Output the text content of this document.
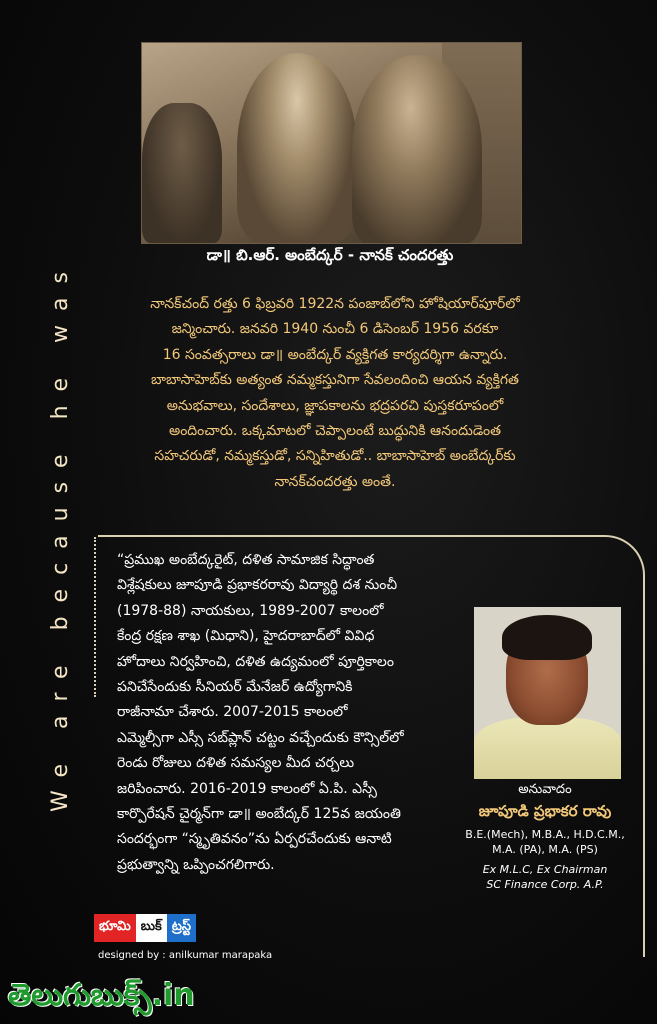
We are because he was
డా॥ బి.ఆర్. అంబేద్కర్ - నానక్ చందరత్తు
నానక్‌చంద్ రత్తు 6 ఫిబ్రవరి 1922న పంజాబ్‌లోని హోషియార్‌పూర్‌లో
జన్మించారు. జనవరి 1940 నుంచీ 6 డిసెంబర్ 1956 వరకూ
16 సంవత్సరాలు డా॥ అంబేద్కర్ వ్యక్తిగత కార్యదర్శిగా ఉన్నారు.
బాబాసాహెబ్‌కు అత్యంత నమ్మకస్తునిగా సేవలందించి ఆయన వ్యక్తిగత
అనుభవాలు, సందేశాలు, జ్ఞాపకాలను భద్రపరచి పుస్తకరూపంలో
అందించారు. ఒక్కమాటలో చెప్పాలంటే బుద్ధునికి ఆనందుడెంత
సహచరుడో, నమ్మకస్తుడో, సన్నిహితుడో.. బాబాసాహెబ్ అంబేద్కర్‌కు
నానక్‌చందరత్తు అంతే.
“ప్రముఖ అంబేద్కరైట్, దళిత సామాజిక సిద్ధాంత
విశ్లేషకులు జూపూడి ప్రభాకరరావు విద్యార్థి దశ నుంచీ
(1978-88) నాయకులు, 1989-2007 కాలంలో
కేంద్ర రక్షణ శాఖ (మిధాని), హైదరాబాద్‌లో వివిధ
హోదాలు నిర్వహించి, దళిత ఉద్యమంలో పూర్తికాలం
పనిచేసేందుకు సీనియర్ మేనేజర్ ఉద్యోగానికి
రాజీనామా చేశారు. 2007-2015 కాలంలో
ఎమ్మెల్సీగా ఎస్సీ సబ్‌ప్లాన్ చట్టం వచ్చేందుకు కౌన్సిల్‌లో
రెండు రోజులు దళిత సమస్యల మీద చర్చలు
జరిపించారు. 2016-2019 కాలంలో ఏ.పి. ఎస్సీ
కార్పొరేషన్ చైర్మన్‌గా డా॥ అంబేద్కర్ 125వ జయంతి
సందర్భంగా “స్మృతివనం”ను ఏర్పరచేందుకు ఆనాటి
ప్రభుత్వాన్ని ఒప్పించగలిగారు.
అనువాదం
జూపూడి ప్రభాకర రావు
B.E.(Mech), M.B.A., H.D.C.M.,
M.A. (PA), M.A. (PS)
Ex M.L.C, Ex Chairman
SC Finance Corp. A.P.
భూమి బుక్ ట్రస్ట్
designed by : anilkumar marapaka
తెలుగుబుక్స్.in
